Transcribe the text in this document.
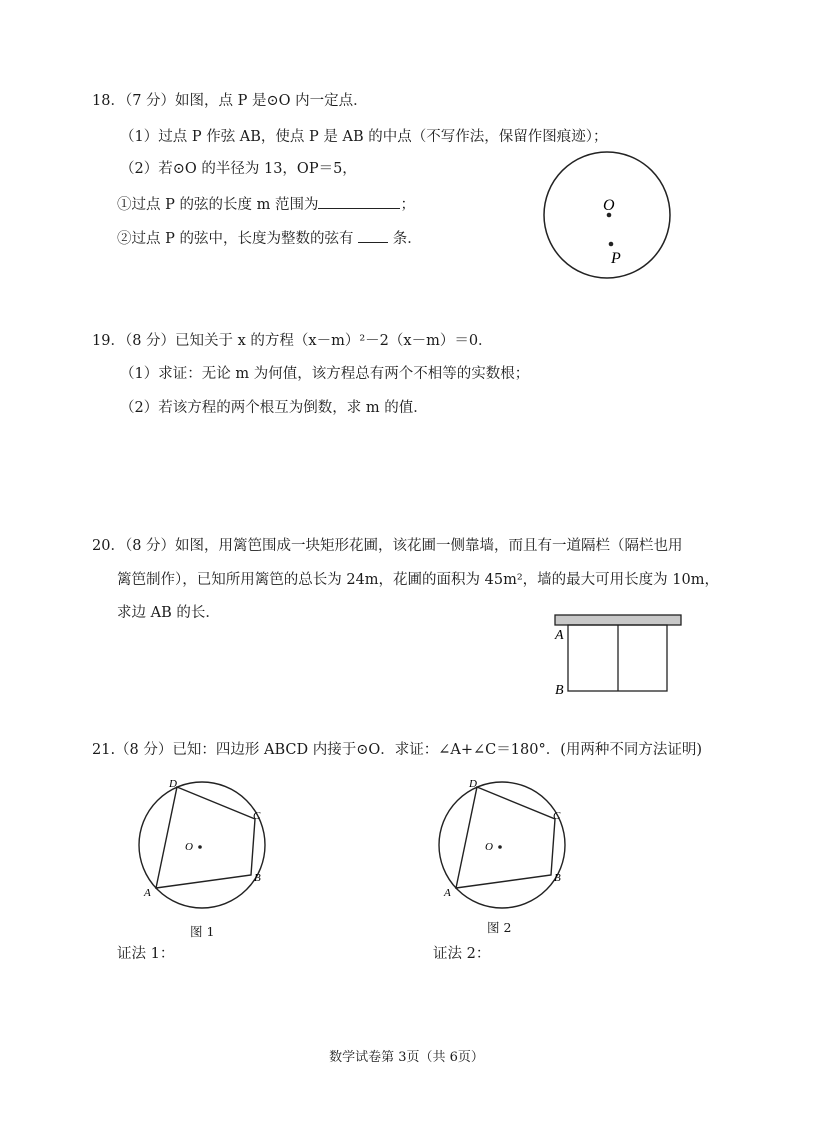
18．（7 分）如图，点 P 是⊙O 内一定点．
（1）过点 P 作弦 AB，使点 P 是 AB 的中点（不写作法，保留作图痕迹）；
（2）若⊙O 的半径为 13，OP＝5，
①过点 P 的弦的长度 m 范围为	；
②过点 P 的弦中，长度为整数的弦有	条．
O
P
19．（8 分）已知关于 x 的方程（x－m）²－2（x－m）＝0．
（1）求证：无论 m 为何值，该方程总有两个不相等的实数根；
（2）若该方程的两个根互为倒数，求 m 的值．
20．（8 分）如图，用篱笆围成一块矩形花圃，该花圃一侧靠墙，而且有一道隔栏（隔栏也用
篱笆制作），已知所用篱笆的总长为 24m，花圃的面积为 45m²，墙的最大可用长度为 10m，
求边 AB 的长．
A
B
21.（8 分）已知：四边形 ABCD 内接于⊙O．求证：∠A+∠C＝180°．(用两种不同方法证明)
O
D
C
B
A
图 1
O
D
C
B
A
图 2
证法 1：	证法 2：
数学试卷第 3页（共 6页）
